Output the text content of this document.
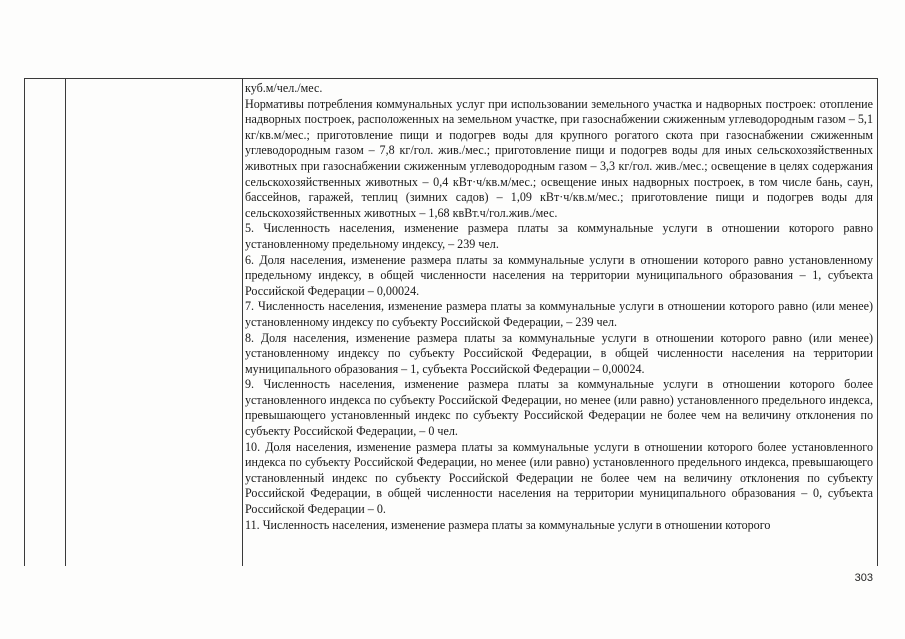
куб.м/чел./мес.

Нормативы потребления коммунальных услуг при использовании земельного участка и надворных построек: отопление надворных построек, расположенных на земельном участке, при газоснабжении сжиженным углеводородным газом – 5,1 кг/кв.м/мес.; приготовление пищи и подогрев воды для крупного рогатого скота при газоснабжении сжиженным углеводородным газом – 7,8 кг/гол. жив./мес.; приготовление пищи и подогрев воды для иных сельскохозяйственных животных при газоснабжении сжиженным углеводородным газом – 3,3 кг/гол. жив./мес.; освещение в целях содержания сельскохозяйственных животных – 0,4 кВт·ч/кв.м/мес.; освещение иных надворных построек, в том числе бань, саун, бассейнов, гаражей, теплиц (зимних садов) – 1,09 кВт·ч/кв.м/мес.; приготовление пищи и подогрев воды для сельскохозяйственных животных – 1,68 квВт.ч/гол.жив./мес.

5. Численность населения, изменение размера платы за коммунальные услуги в отношении которого равно установленному предельному индексу, – 239 чел.

6. Доля населения, изменение размера платы за коммунальные услуги в отношении которого равно установленному предельному индексу, в общей численности населения на территории муниципального образования – 1, субъекта Российской Федерации – 0,00024.

7. Численность населения, изменение размера платы за коммунальные услуги в отношении которого равно (или менее) установленному индексу по субъекту Российской Федерации, – 239 чел.

8. Доля населения, изменение размера платы за коммунальные услуги в отношении которого равно (или менее) установленному индексу по субъекту Российской Федерации, в общей численности населения на территории муниципального образования – 1, субъекта Российской Федерации – 0,00024.

9. Численность населения, изменение размера платы за коммунальные услуги в отношении которого более установленного индекса по субъекту Российской Федерации, но менее (или равно) установленного предельного индекса, превышающего установленный индекс по субъекту Российской Федерации не более чем на величину отклонения по субъекту Российской Федерации, – 0 чел.

10. Доля населения, изменение размера платы за коммунальные услуги в отношении которого более установленного индекса по субъекту Российской Федерации, но менее (или равно) установленного предельного индекса, превышающего установленный индекс по субъекту Российской Федерации не более чем на величину отклонения по субъекту Российской Федерации, в общей численности населения на территории муниципального образования – 0, субъекта Российской Федерации – 0.

11. Численность населения, изменение размера платы за коммунальные услуги в отношении которого

303
